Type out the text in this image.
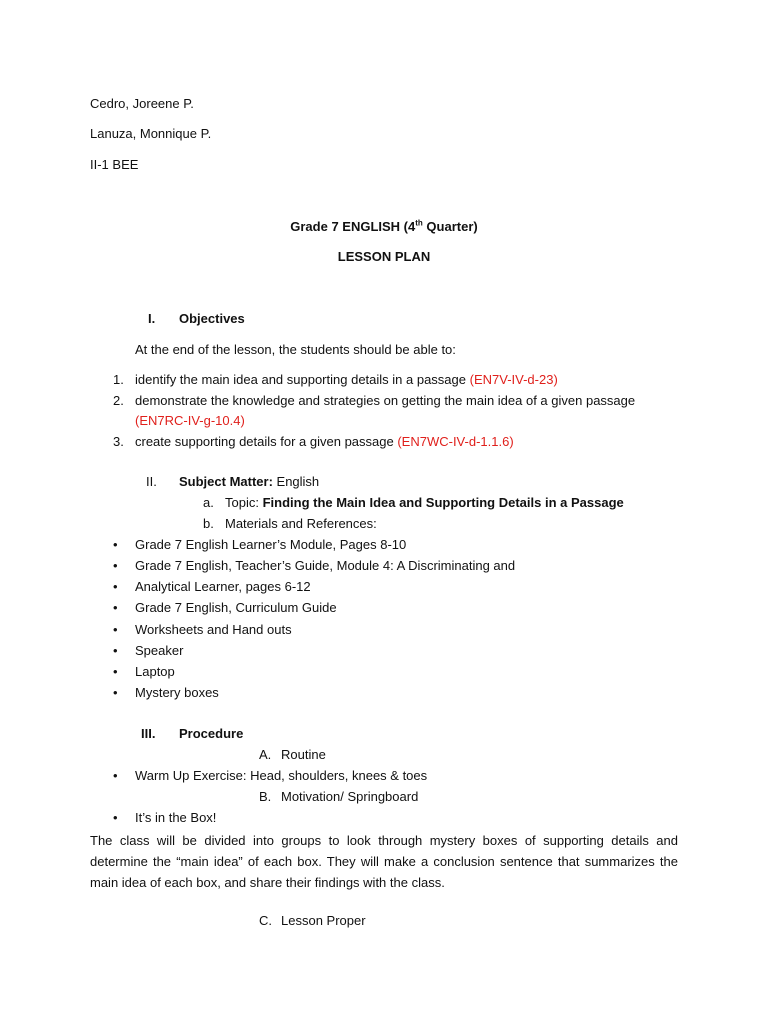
Cedro, Joreene P.
Lanuza, Monnique P.
II-1 BEE
Grade 7 ENGLISH (4th Quarter)
LESSON PLAN
I. Objectives
At the end of the lesson, the students should be able to:
1. identify the main idea and supporting details in a passage (EN7V-IV-d-23)
2. demonstrate the knowledge and strategies on getting the main idea of a given passage
(EN7RC-IV-g-10.4)
3. create supporting details for a given passage (EN7WC-IV-d-1.1.6)
II. Subject Matter: English
a. Topic: Finding the Main Idea and Supporting Details in a Passage
b. Materials and References:
• Grade 7 English Learner’s Module, Pages 8-10
• Grade 7 English, Teacher’s Guide, Module 4: A Discriminating and
• Analytical Learner, pages 6-12
• Grade 7 English, Curriculum Guide
• Worksheets and Hand outs
• Speaker
• Laptop
• Mystery boxes
III. Procedure
A. Routine
• Warm Up Exercise: Head, shoulders, knees & toes
B. Motivation/ Springboard
• It’s in the Box!
The class will be divided into groups to look through mystery boxes of supporting details and determine the “main idea” of each box. They will make a conclusion sentence that summarizes the main idea of each box, and share their findings with the class.
C. Lesson Proper
